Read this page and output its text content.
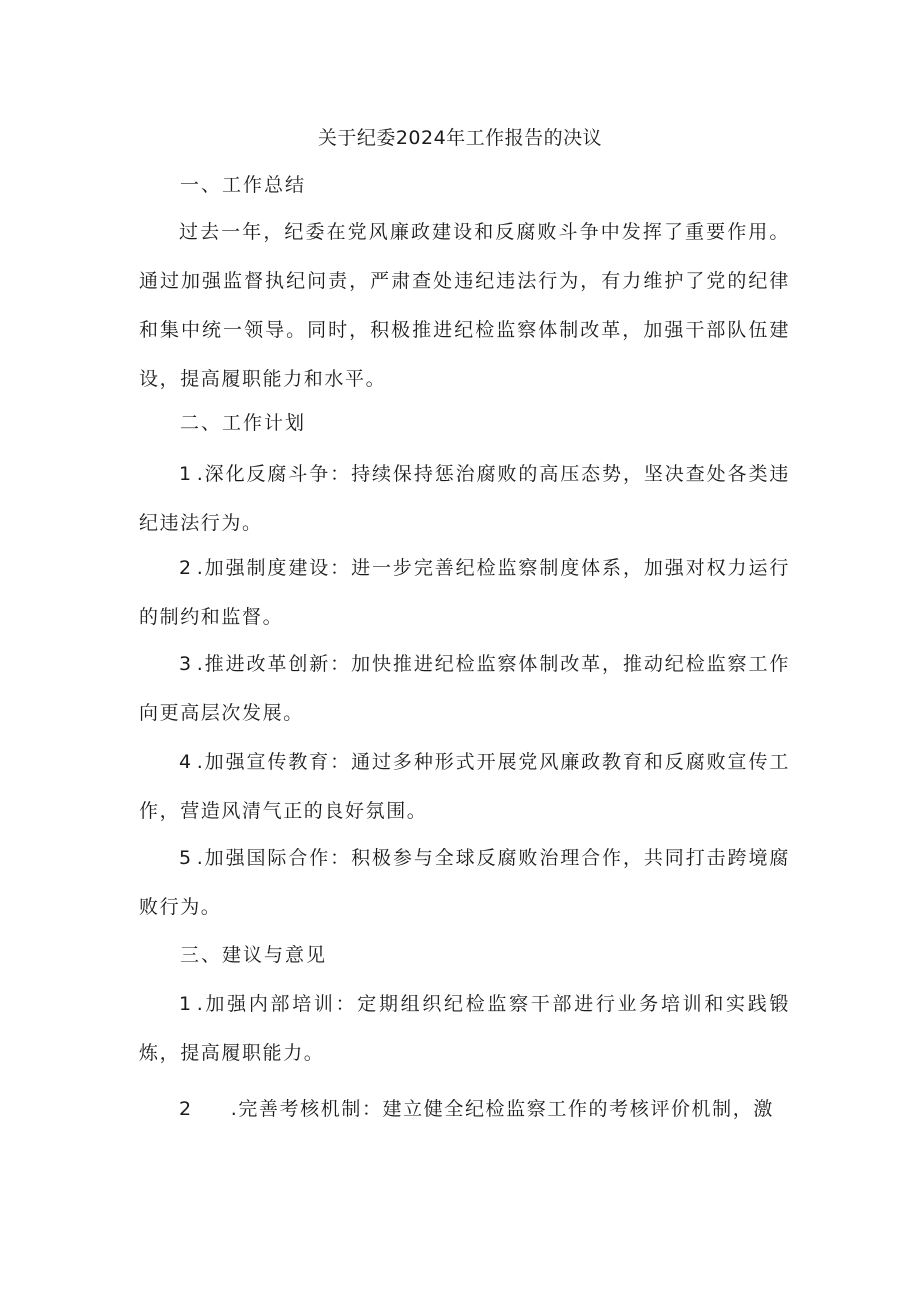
关于纪委2024年工作报告的决议
一、工作总结
过去一年，纪委在党风廉政建设和反腐败斗争中发挥了重要作用。通过加强监督执纪问责，严肃查处违纪违法行为，有力维护了党的纪律和集中统一领导。同时，积极推进纪检监察体制改革，加强干部队伍建设，提高履职能力和水平。
二、工作计划
1 .深化反腐斗争：持续保持惩治腐败的高压态势，坚决查处各类违纪违法行为。
2 .加强制度建设：进一步完善纪检监察制度体系，加强对权力运行的制约和监督。
3 .推进改革创新：加快推进纪检监察体制改革，推动纪检监察工作向更高层次发展。
4 .加强宣传教育：通过多种形式开展党风廉政教育和反腐败宣传工作，营造风清气正的良好氛围。
5 .加强国际合作：积极参与全球反腐败治理合作，共同打击跨境腐败行为。
三、建议与意见
1 .加强内部培训：定期组织纪检监察干部进行业务培训和实践锻炼，提高履职能力。
2 .完善考核机制：建立健全纪检监察工作的考核评价机制，激
